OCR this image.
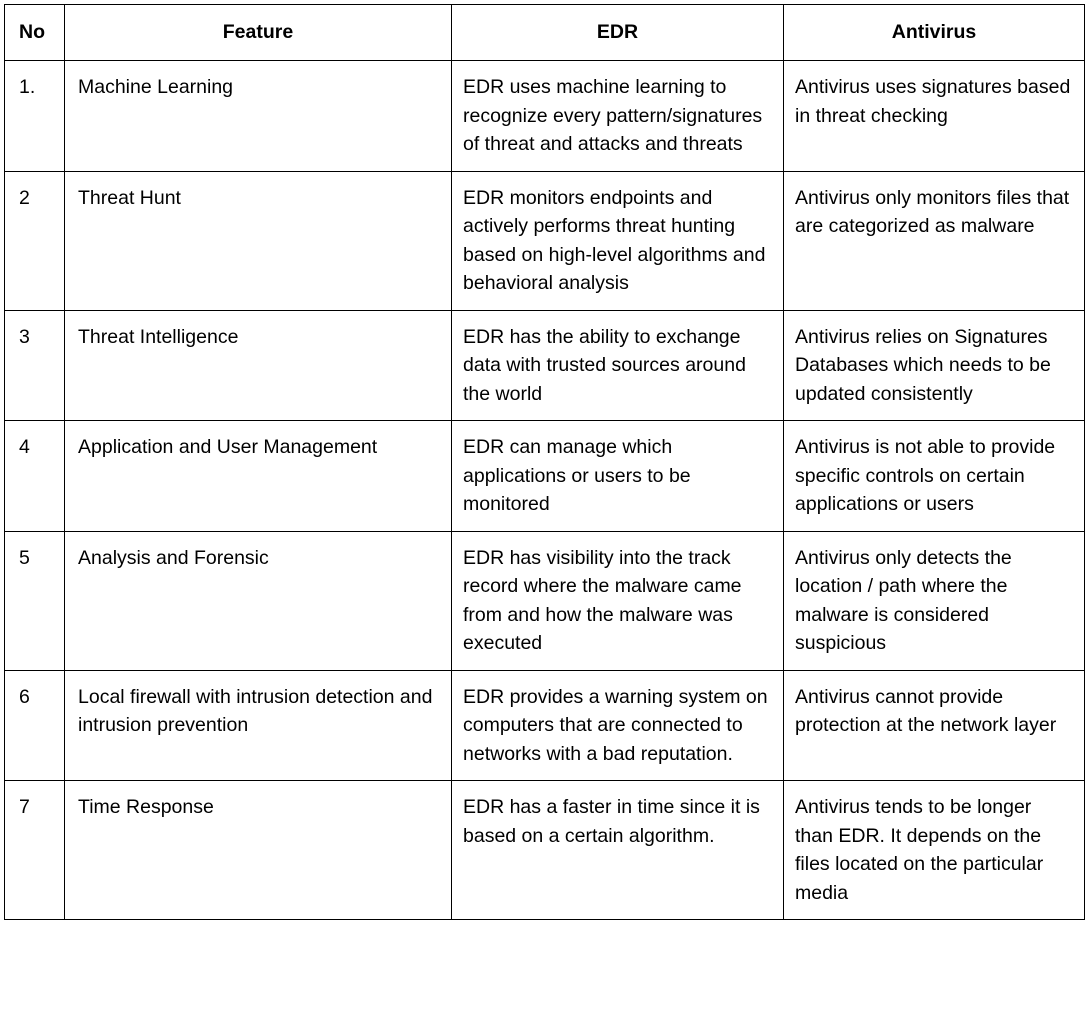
No	Feature	EDR	Antivirus
1.	Machine Learning	EDR uses machine learning to recognize every pattern/signatures of threat and attacks and threats	Antivirus uses signatures based in threat checking
2	Threat Hunt	EDR monitors endpoints and actively performs threat hunting based on high-level algorithms and behavioral analysis	Antivirus only monitors files that are categorized as malware
3	Threat Intelligence	EDR has the ability to exchange data with trusted sources around the world	Antivirus relies on Signatures Databases which needs to be updated consistently
4	Application and User Management	EDR can manage which applications or users to be monitored	Antivirus is not able to provide specific controls on certain applications or users
5	Analysis and Forensic	EDR has visibility into the track record where the malware came from and how the malware was executed	Antivirus only detects the location / path where the malware is considered suspicious
6	Local firewall with intrusion detection and intrusion prevention	EDR provides a warning system on computers that are connected to networks with a bad reputation.	Antivirus cannot provide protection at the network layer
7	Time Response	EDR has a faster in time since it is based on a certain algorithm.	Antivirus tends to be longer than EDR. It depends on the files located on the particular media
